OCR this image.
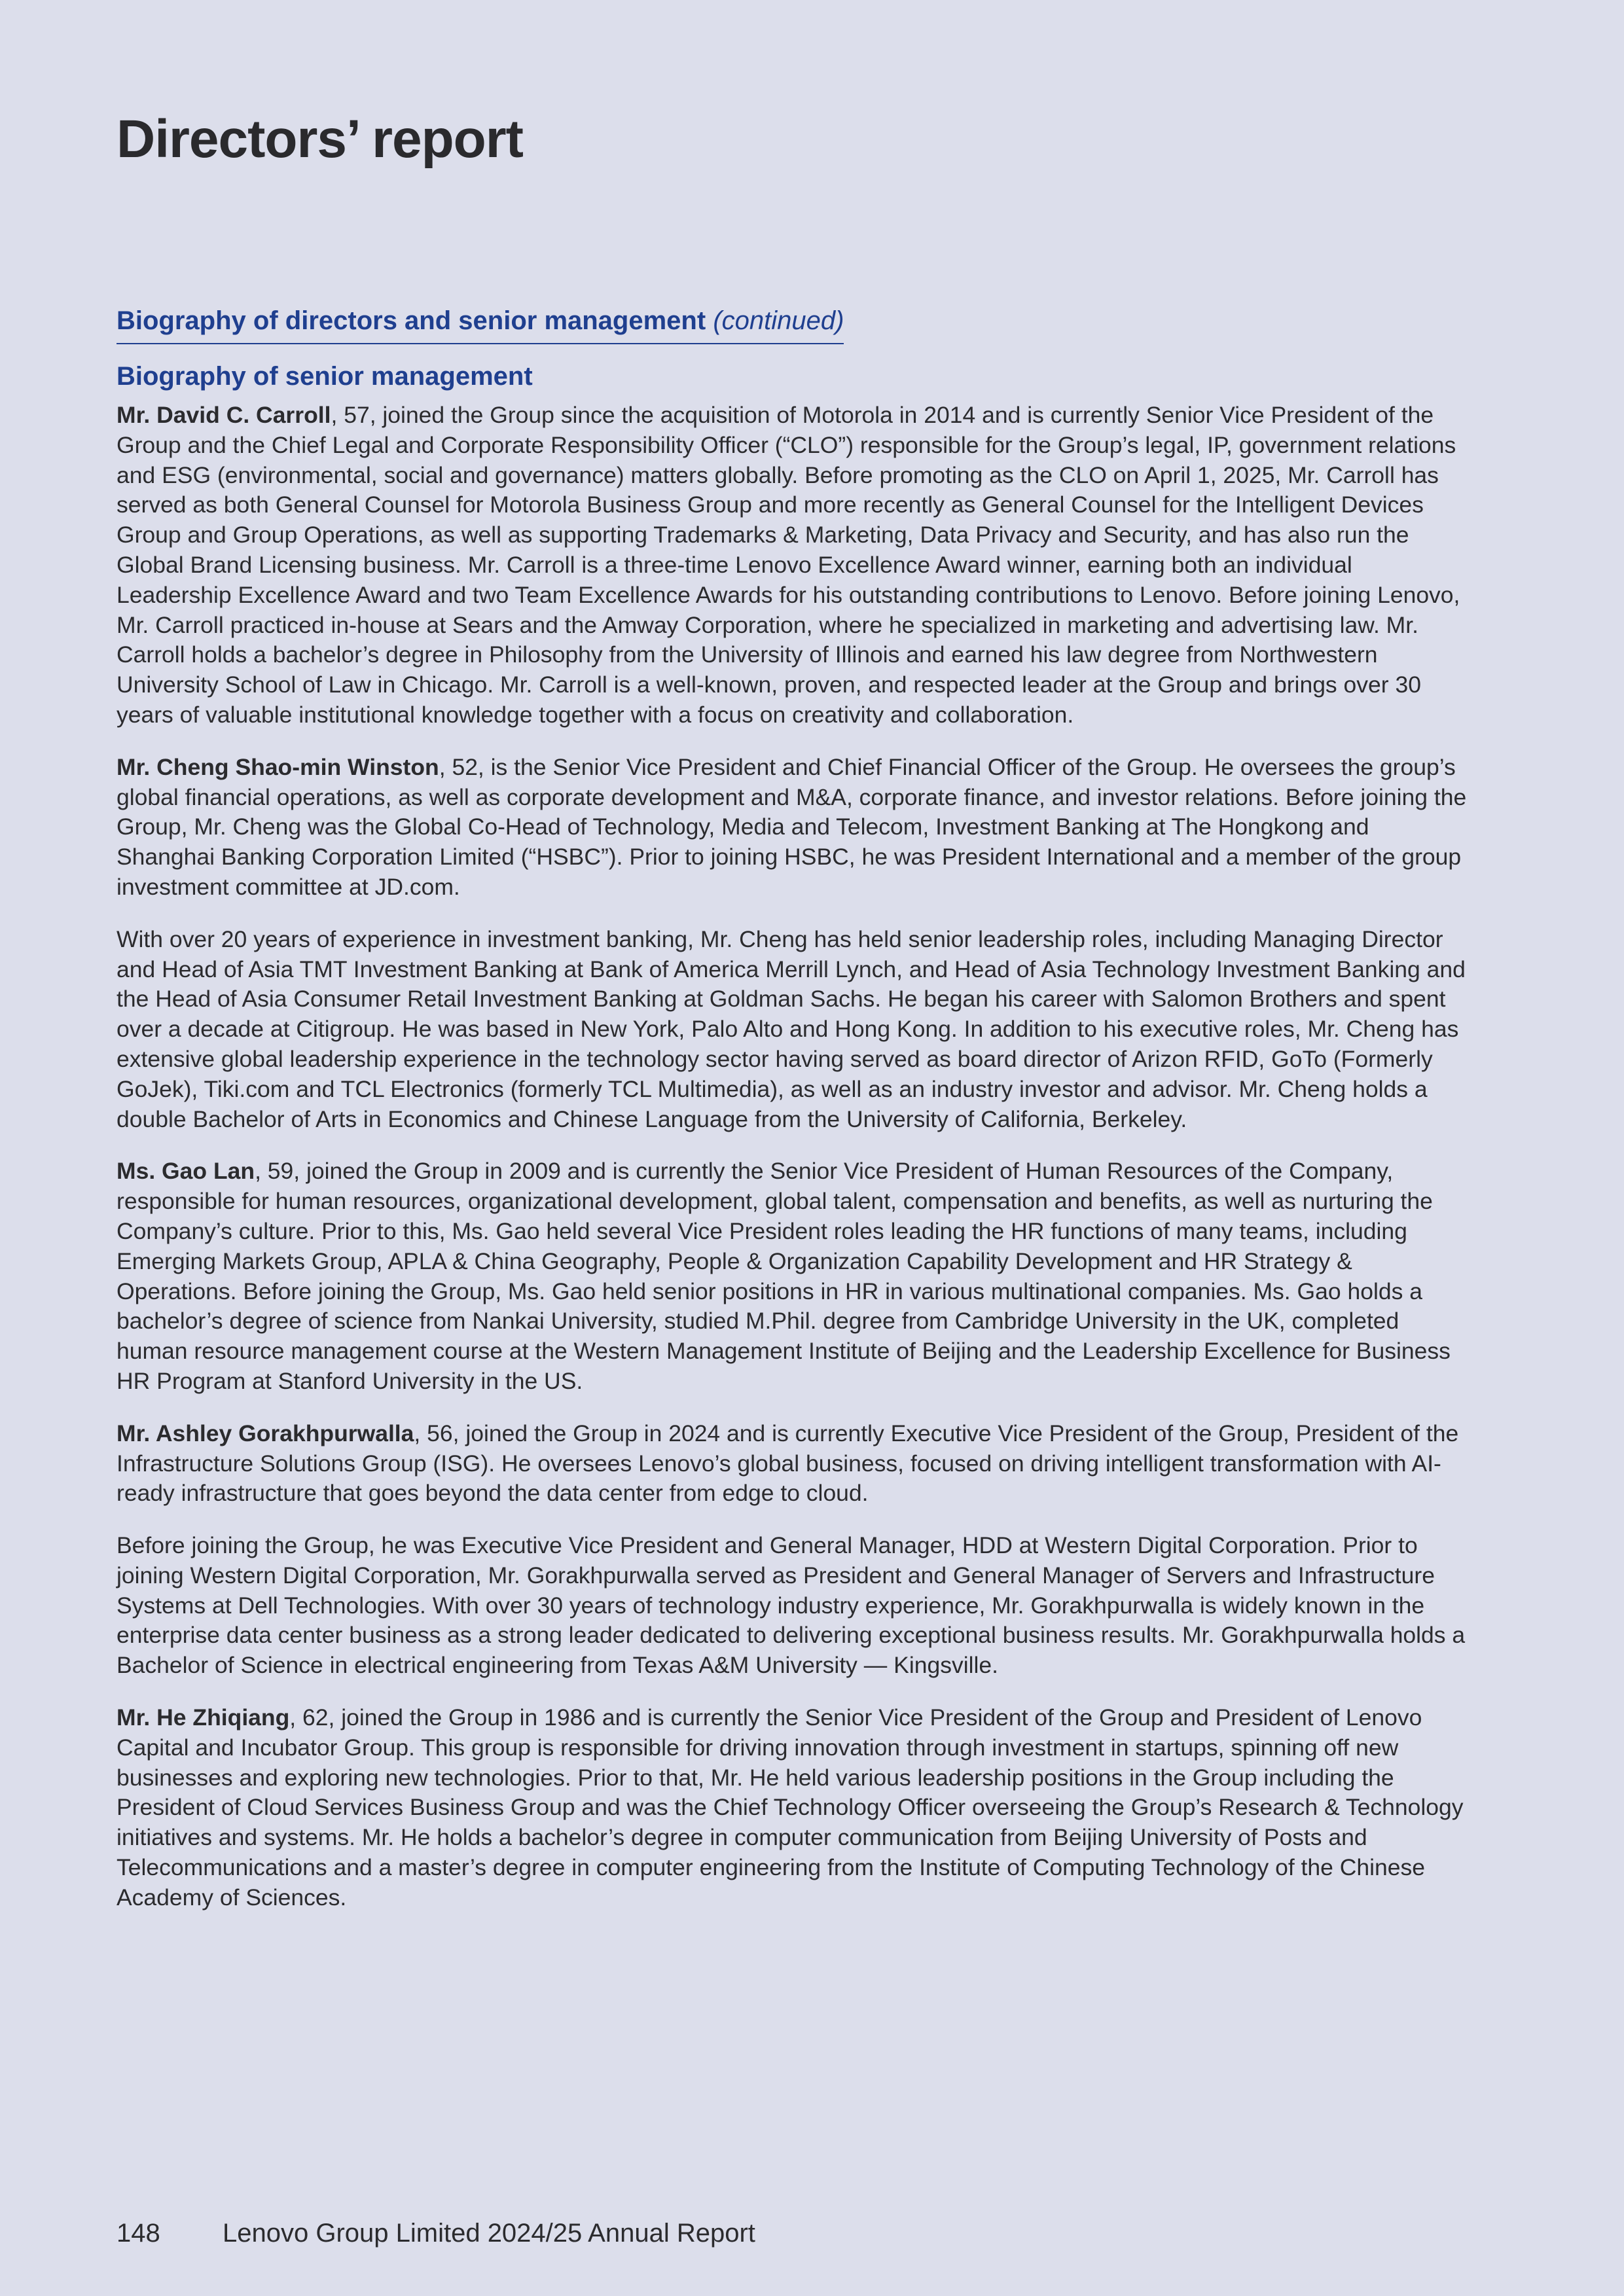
Directors’ report
Biography of directors and senior management (continued)
Biography of senior management

Mr. David C. Carroll, 57, joined the Group since the acquisition of Motorola in 2014 and is currently Senior Vice President of the Group and the Chief Legal and Corporate Responsibility Officer (“CLO”) responsible for the Group’s legal, IP, government relations and ESG (environmental, social and governance) matters globally. Before promoting as the CLO on April 1, 2025, Mr. Carroll has served as both General Counsel for Motorola Business Group and more recently as General Counsel for the Intelligent Devices Group and Group Operations, as well as supporting Trademarks & Marketing, Data Privacy and Security, and has also run the Global Brand Licensing business. Mr. Carroll is a three-time Lenovo Excellence Award winner, earning both an individual Leadership Excellence Award and two Team Excellence Awards for his outstanding contributions to Lenovo. Before joining Lenovo, Mr. Carroll practiced in-house at Sears and the Amway Corporation, where he specialized in marketing and advertising law. Mr. Carroll holds a bachelor’s degree in Philosophy from the University of Illinois and earned his law degree from Northwestern University School of Law in Chicago. Mr. Carroll is a well-known, proven, and respected leader at the Group and brings over 30 years of valuable institutional knowledge together with a focus on creativity and collaboration.

Mr. Cheng Shao-min Winston, 52, is the Senior Vice President and Chief Financial Officer of the Group. He oversees the group’s global financial operations, as well as corporate development and M&A, corporate finance, and investor relations. Before joining the Group, Mr. Cheng was the Global Co-Head of Technology, Media and Telecom, Investment Banking at The Hongkong and Shanghai Banking Corporation Limited (“HSBC”). Prior to joining HSBC, he was President International and a member of the group investment committee at JD.com.

With over 20 years of experience in investment banking, Mr. Cheng has held senior leadership roles, including Managing Director and Head of Asia TMT Investment Banking at Bank of America Merrill Lynch, and Head of Asia Technology Investment Banking and the Head of Asia Consumer Retail Investment Banking at Goldman Sachs. He began his career with Salomon Brothers and spent over a decade at Citigroup. He was based in New York, Palo Alto and Hong Kong. In addition to his executive roles, Mr. Cheng has extensive global leadership experience in the technology sector having served as board director of Arizon RFID, GoTo (Formerly GoJek), Tiki.com and TCL Electronics (formerly TCL Multimedia), as well as an industry investor and advisor. Mr. Cheng holds a double Bachelor of Arts in Economics and Chinese Language from the University of California, Berkeley.

Ms. Gao Lan, 59, joined the Group in 2009 and is currently the Senior Vice President of Human Resources of the Company, responsible for human resources, organizational development, global talent, compensation and benefits, as well as nurturing the Company’s culture. Prior to this, Ms. Gao held several Vice President roles leading the HR functions of many teams, including Emerging Markets Group, APLA & China Geography, People & Organization Capability Development and HR Strategy & Operations. Before joining the Group, Ms. Gao held senior positions in HR in various multinational companies. Ms. Gao holds a bachelor’s degree of science from Nankai University, studied M.Phil. degree from Cambridge University in the UK, completed human resource management course at the Western Management Institute of Beijing and the Leadership Excellence for Business HR Program at Stanford University in the US.

Mr. Ashley Gorakhpurwalla, 56, joined the Group in 2024 and is currently Executive Vice President of the Group, President of the Infrastructure Solutions Group (ISG). He oversees Lenovo’s global business, focused on driving intelligent transformation with AI-ready infrastructure that goes beyond the data center from edge to cloud.

Before joining the Group, he was Executive Vice President and General Manager, HDD at Western Digital Corporation. Prior to joining Western Digital Corporation, Mr. Gorakhpurwalla served as President and General Manager of Servers and Infrastructure Systems at Dell Technologies. With over 30 years of technology industry experience, Mr. Gorakhpurwalla is widely known in the enterprise data center business as a strong leader dedicated to delivering exceptional business results. Mr. Gorakhpurwalla holds a Bachelor of Science in electrical engineering from Texas A&M University — Kingsville.

Mr. He Zhiqiang, 62, joined the Group in 1986 and is currently the Senior Vice President of the Group and President of Lenovo Capital and Incubator Group. This group is responsible for driving innovation through investment in startups, spinning off new businesses and exploring new technologies. Prior to that, Mr. He held various leadership positions in the Group including the President of Cloud Services Business Group and was the Chief Technology Officer overseeing the Group’s Research & Technology initiatives and systems. Mr. He holds a bachelor’s degree in computer communication from Beijing University of Posts and Telecommunications and a master’s degree in computer engineering from the Institute of Computing Technology of the Chinese Academy of Sciences.

148 Lenovo Group Limited 2024/25 Annual Report
